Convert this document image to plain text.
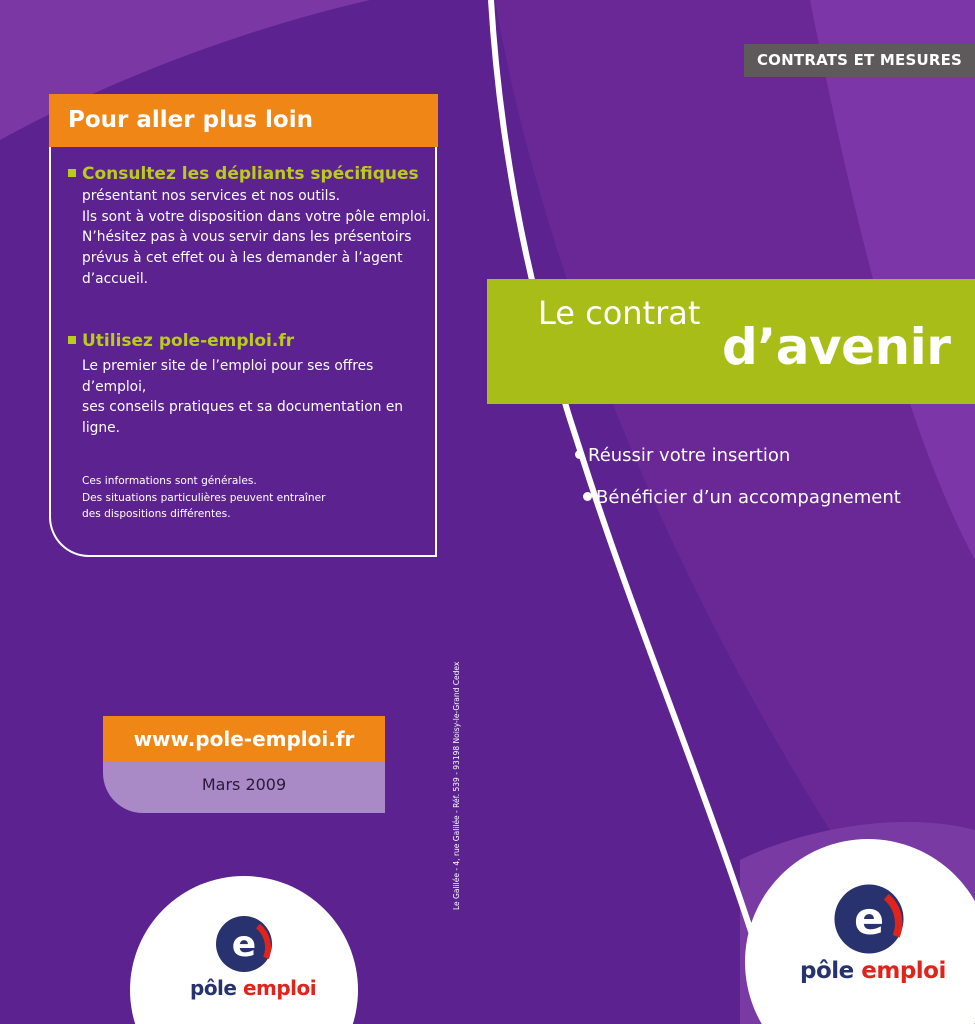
CONTRATS ET MESURES
Pour aller plus loin
Consultez les dépliants spécifiques
présentant nos services et nos outils.
Ils sont à votre disposition dans votre pôle emploi.
N’hésitez pas à vous servir dans les présentoirs
prévus à cet effet ou à les demander à l’agent
d’accueil.
Utilisez pole-emploi.fr
Le premier site de l’emploi pour ses offres d’emploi,
ses conseils pratiques et sa documentation en
ligne.
Ces informations sont générales.
Des situations particulières peuvent entraîner
des dispositions différentes.
www.pole-emploi.fr
Mars 2009	Le Galilée - 4, rue Galilée - Réf. 539 - 93198 Noisy-le-Grand Cedex
Le contrat
d’avenir
Réussir votre insertion
Bénéficier d’un accompagnement
e
pôle emploi
e
pôle emploi
